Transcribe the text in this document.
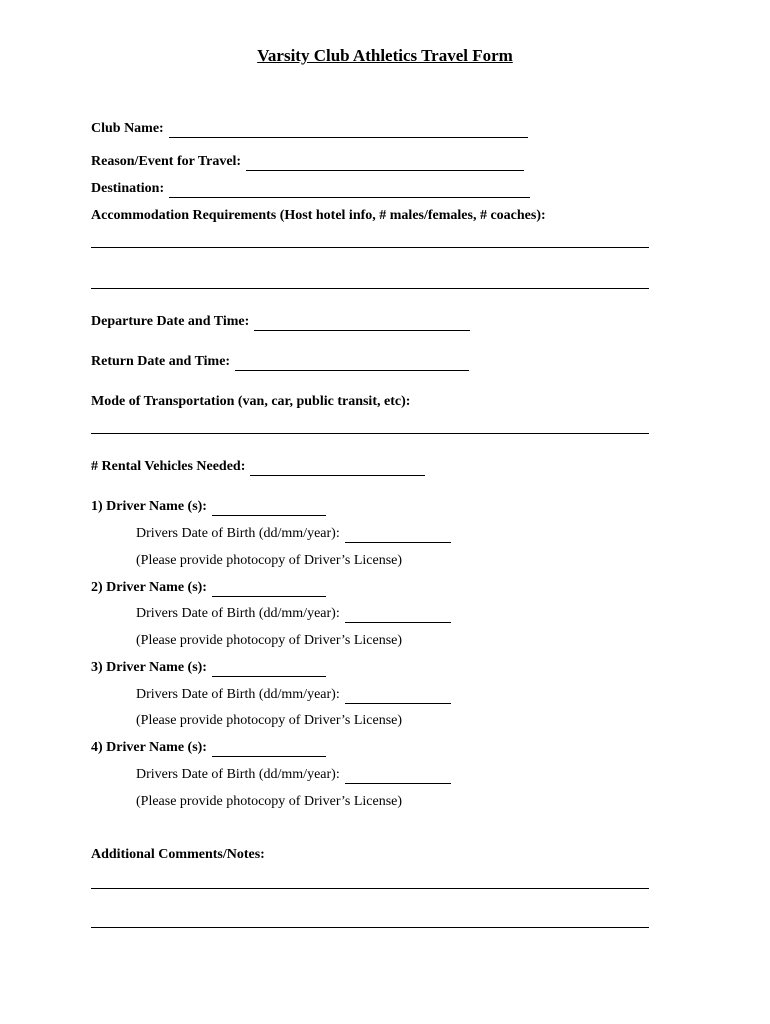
Varsity Club Athletics Travel Form
Club Name:
Reason/Event for Travel:
Destination:
Accommodation Requirements (Host hotel info, # males/females, # coaches):
Departure Date and Time:
Return Date and Time:
Mode of Transportation (van, car, public transit, etc):
# Rental Vehicles Needed:
1) Driver Name (s):
Drivers Date of Birth (dd/mm/year):
(Please provide photocopy of Driver’s License)
2) Driver Name (s):
Drivers Date of Birth (dd/mm/year):
(Please provide photocopy of Driver’s License)
3) Driver Name (s):
Drivers Date of Birth (dd/mm/year):
(Please provide photocopy of Driver’s License)
4) Driver Name (s):
Drivers Date of Birth (dd/mm/year):
(Please provide photocopy of Driver’s License)
Additional Comments/Notes:
